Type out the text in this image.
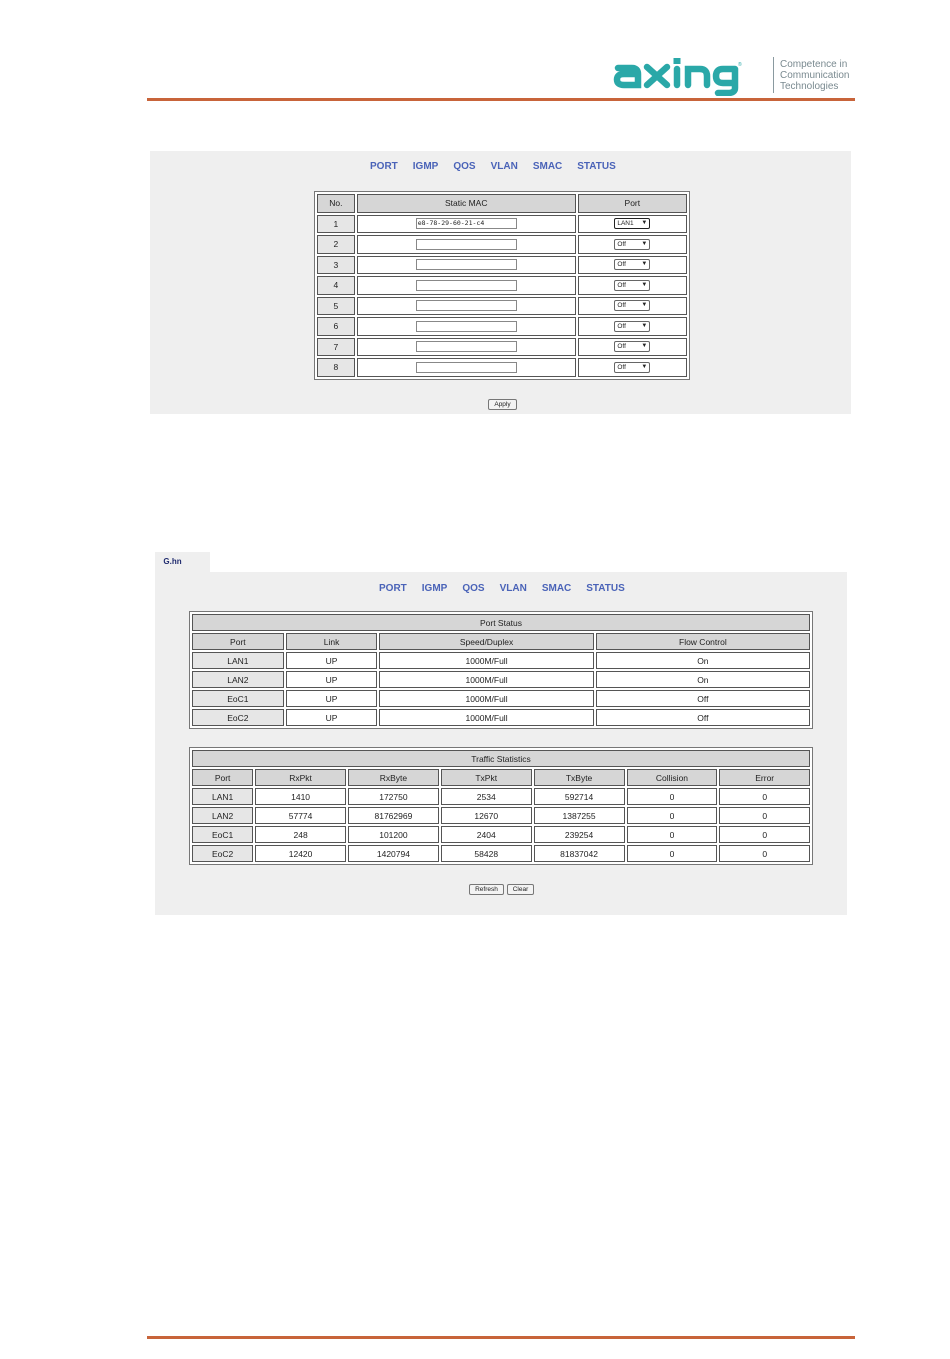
®	Competence in
Communication
Technologies
PORT IGMP QOS VLAN SMAC STATUS
No.	Static MAC	Port
1	e8-78-29-60-21-c4	LAN1 ▼

2		Off ▼

3		Off ▼

4		Off ▼

5		Off ▼

6		Off ▼

7		Off ▼

8		Off ▼
Apply
G.hn
PORT IGMP QOS VLAN SMAC STATUS
Port Status			
Port	Link	Speed/Duplex	Flow Control
LAN1	UP	1000M/Full	On
LAN2	UP	1000M/Full	On
EoC1	UP	1000M/Full	Off
EoC2	UP	1000M/Full	Off
Traffic Statistics						
Port	RxPkt	RxByte	TxPkt	TxByte	Collision	Error
LAN1	1410	172750	2534	592714	0	0
LAN2	57774	81762969	12670	1387255	0	0
EoC1	248	101200	2404	239254	0	0
EoC2	12420	1420794	58428	81837042	0	0
Refresh	Clear
